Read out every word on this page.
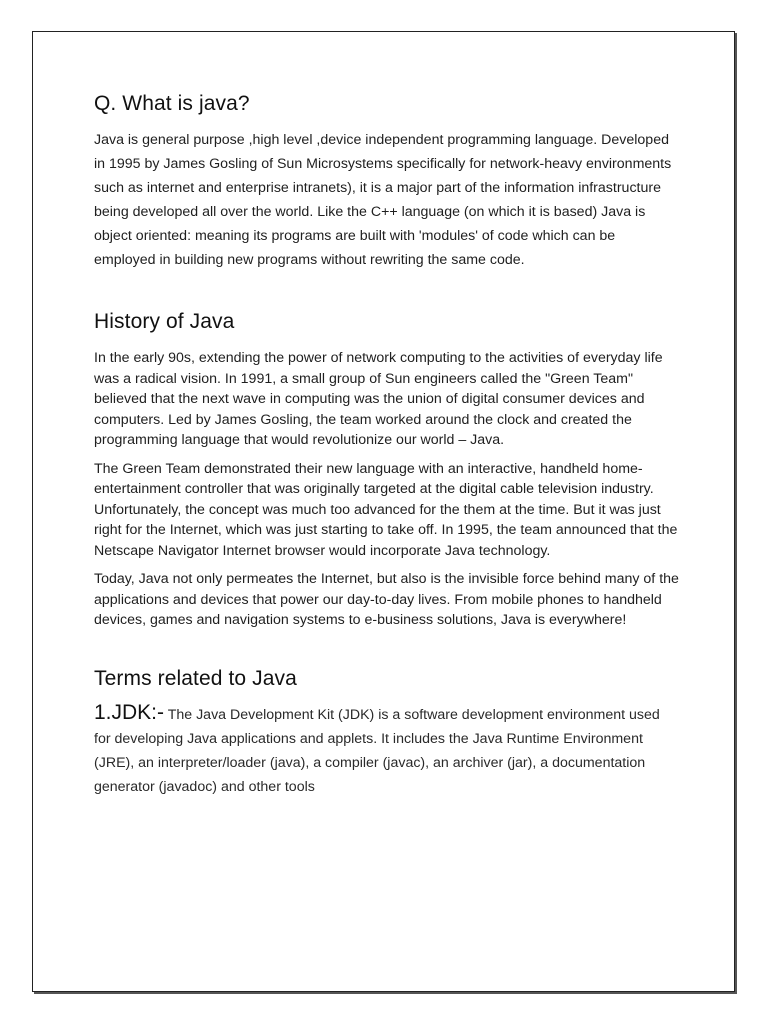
Q. What is java?

Java is general purpose ,high level ,device independent programming language. Developed in 1995 by James Gosling of Sun Microsystems specifically for network-heavy environments such as internet and enterprise intranets), it is a major part of the information infrastructure being developed all over the world. Like the C++ language (on which it is based) Java is object oriented: meaning its programs are built with 'modules' of code which can be employed in building new programs without rewriting the same code.

History of Java

In the early 90s, extending the power of network computing to the activities of everyday life was a radical vision. In 1991, a small group of Sun engineers called the "Green Team" believed that the next wave in computing was the union of digital consumer devices and computers. Led by James Gosling, the team worked around the clock and created the programming language that would revolutionize our world – Java.

The Green Team demonstrated their new language with an interactive, handheld home-entertainment controller that was originally targeted at the digital cable television industry. Unfortunately, the concept was much too advanced for the them at the time. But it was just right for the Internet, which was just starting to take off. In 1995, the team announced that the Netscape Navigator Internet browser would incorporate Java technology.

Today, Java not only permeates the Internet, but also is the invisible force behind many of the applications and devices that power our day-to-day lives. From mobile phones to handheld devices, games and navigation systems to e-business solutions, Java is everywhere!

Terms related to Java

1.JDK:- The Java Development Kit (JDK) is a software development environment used for developing Java applications and applets. It includes the Java Runtime Environment (JRE), an interpreter/loader (java), a compiler (javac), an archiver (jar), a documentation generator (javadoc) and other tools
